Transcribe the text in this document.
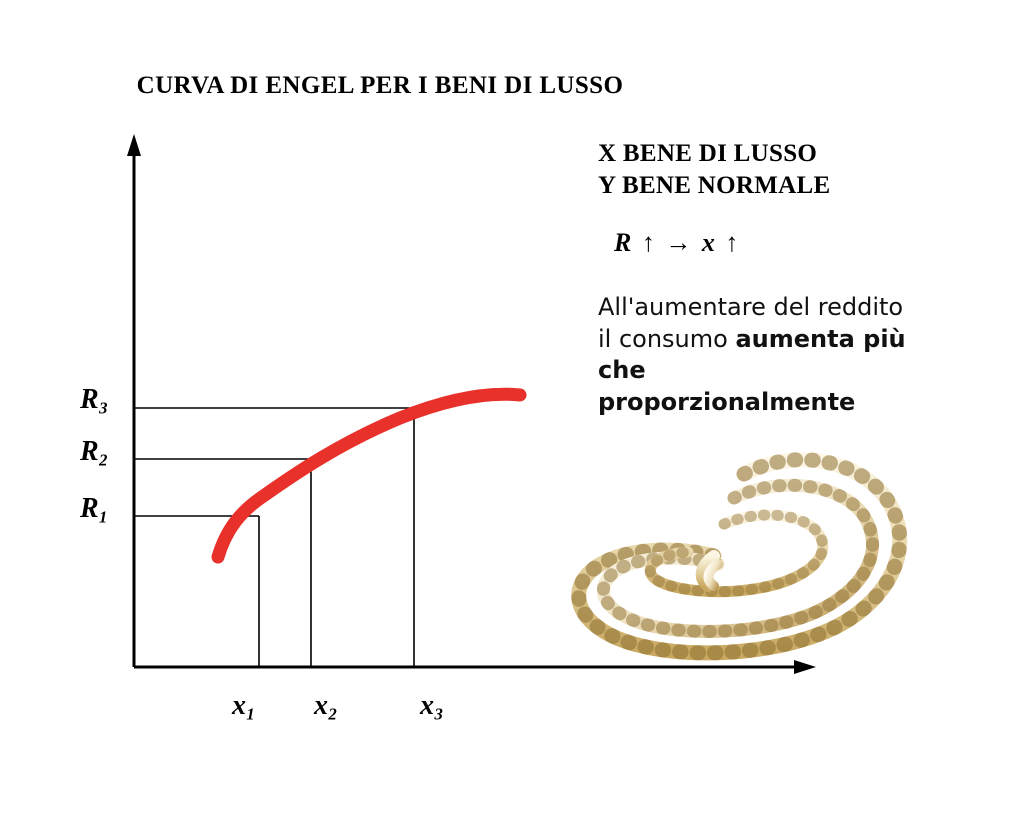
CURVA DI ENGEL PER I BENI DI LUSSO
R₃
R₂
R₁
x₁ x₂	x₃
X BENE DI LUSSO
Y BENE NORMALE
R ↑ → x ↑
All'aumentare del reddito il consumo aumenta più che proporzionalmente
